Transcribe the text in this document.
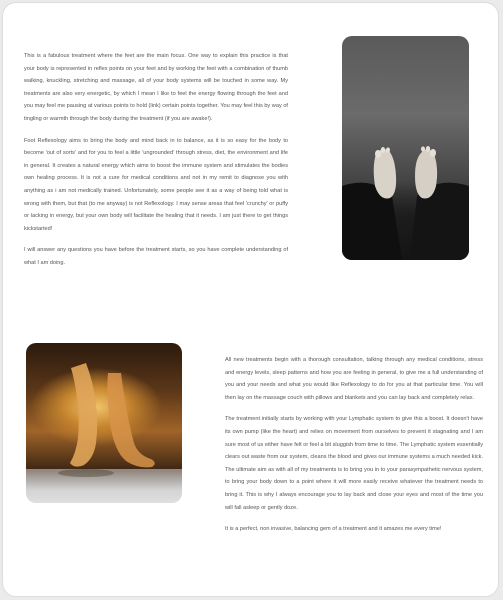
This is a fabulous treatment where the feet are the main focus. One way to explain this practice is that your body is represented in reflex points on your feet and by working the feet with a combination of thumb walking, knuckling, stretching and massage, all of your body systems will be touched in some way. My treatments are also very energetic, by which I mean I like to feel the energy flowing through the feet and you may feel me pausing at various points to hold (link) certain points together. You may feel this by way of tingling or warmth through the body during the treatment (if you are awake!).

Foot Reflexology aims to bring the body and mind back in to balance, as it is so easy for the body to become 'out of sorts' and for you to feel a little 'ungrounded' through stress, diet, the environment and life in general. It creates a natural energy which aims to boost the immune system and stimulates the bodies own healing process. It is not a cure for medical conditions and not in my remit to diagnose you with anything as i am not medically trained. Unfortunately, some people see it as a way of being told what is wrong with them, but that (to me anyway) is not Reflexology. I may sense areas that feel 'crunchy' or puffy or lacking in energy, but your own body will facilitate the healing that it needs. I am just there to get things kickstarted!

I will answer any questions you have before the treatment starts, so you have complete understanding of what I am doing.

All new treatments begin with a thorough consultation, talking through any medical conditions, stress and energy levels, sleep patterns and how you are feeling in general, to give me a full understanding of you and your needs and what you would like Reflexology to do for you at that particular time. You will then lay on the massage couch with pillows and blankets and you can lay back and completely relax.

The treatment initially starts by working with your Lymphatic system to give this a boost. It doesn't have its own pump (like the heart) and relies on movement from ourselves to prevent it stagnating and I am sure most of us either have felt or feel a bit sluggish from time to time. The Lymphatic system essentially clears out waste from our system, cleans the blood and gives our immune systems a much needed kick. The ultimate aim as with all of my treatments is to bring you in to your parasympathetic nervous system, to bring your body down to a point where it will more easily receive whatever the treatment needs to bring it. This is why I always encourage you to lay back and close your eyes and most of the time you will fall asleep or gently doze.

It is a perfect, non invasive, balancing gem of a treatment and it amazes me every time!
